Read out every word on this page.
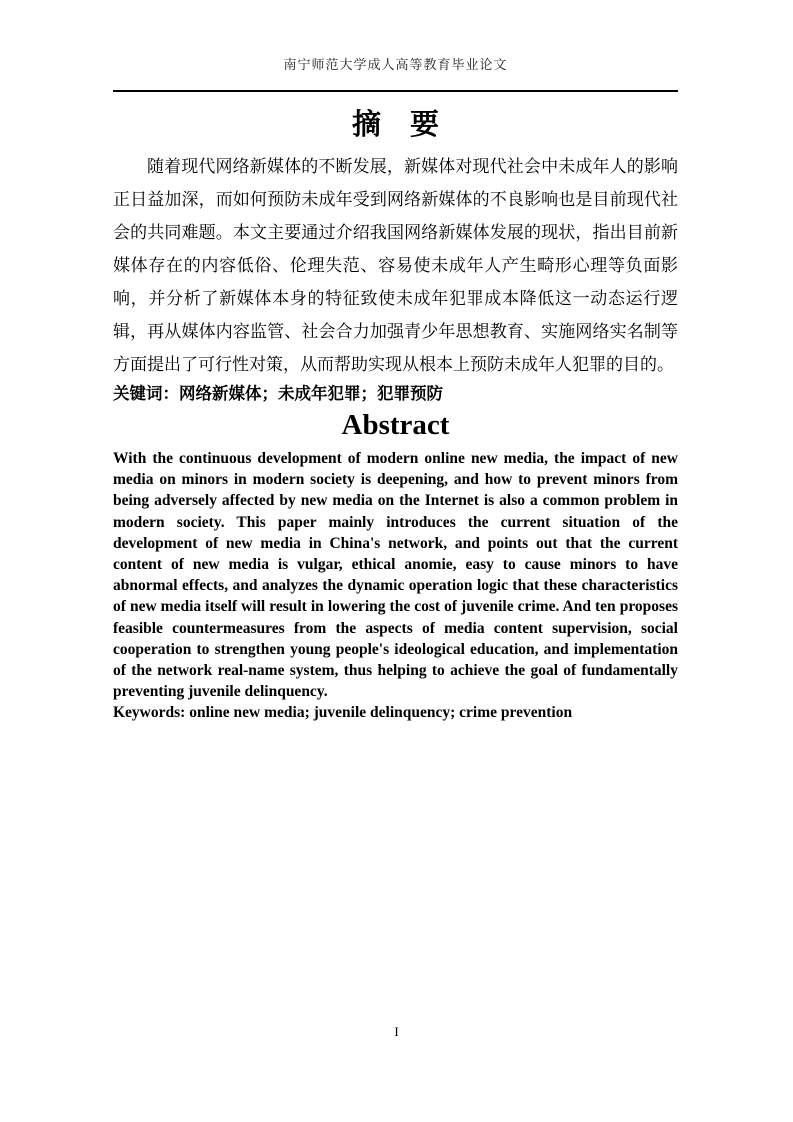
南宁师范大学成人高等教育毕业论文
摘　要

随着现代网络新媒体的不断发展，新媒体对现代社会中未成年人的影响正日益加深，而如何预防未成年受到网络新媒体的不良影响也是目前现代社会的共同难题。本文主要通过介绍我国网络新媒体发展的现状，指出目前新媒体存在的内容低俗、伦理失范、容易使未成年人产生畸形心理等负面影响，并分析了新媒体本身的特征致使未成年犯罪成本降低这一动态运行逻辑，再从媒体内容监管、社会合力加强青少年思想教育、实施网络实名制等方面提出了可行性对策，从而帮助实现从根本上预防未成年人犯罪的目的。

关键词：网络新媒体；未成年犯罪；犯罪预防

Abstract

With the continuous development of modern online new media, the impact of new media on minors in modern society is deepening, and how to prevent minors from being adversely affected by new media on the Internet is also a common problem in modern society. This paper mainly introduces the current situation of the development of new media in China's network, and points out that the current content of new media is vulgar, ethical anomie, easy to cause minors to have abnormal effects, and analyzes the dynamic operation logic that these characteristics of new media itself will result in lowering the cost of juvenile crime. And ten proposes feasible countermeasures from the aspects of media content supervision, social cooperation to strengthen young people's ideological education, and implementation of the network real-name system, thus helping to achieve the goal of fundamentally preventing juvenile delinquency.

Keywords: online new media; juvenile delinquency; crime prevention

I
